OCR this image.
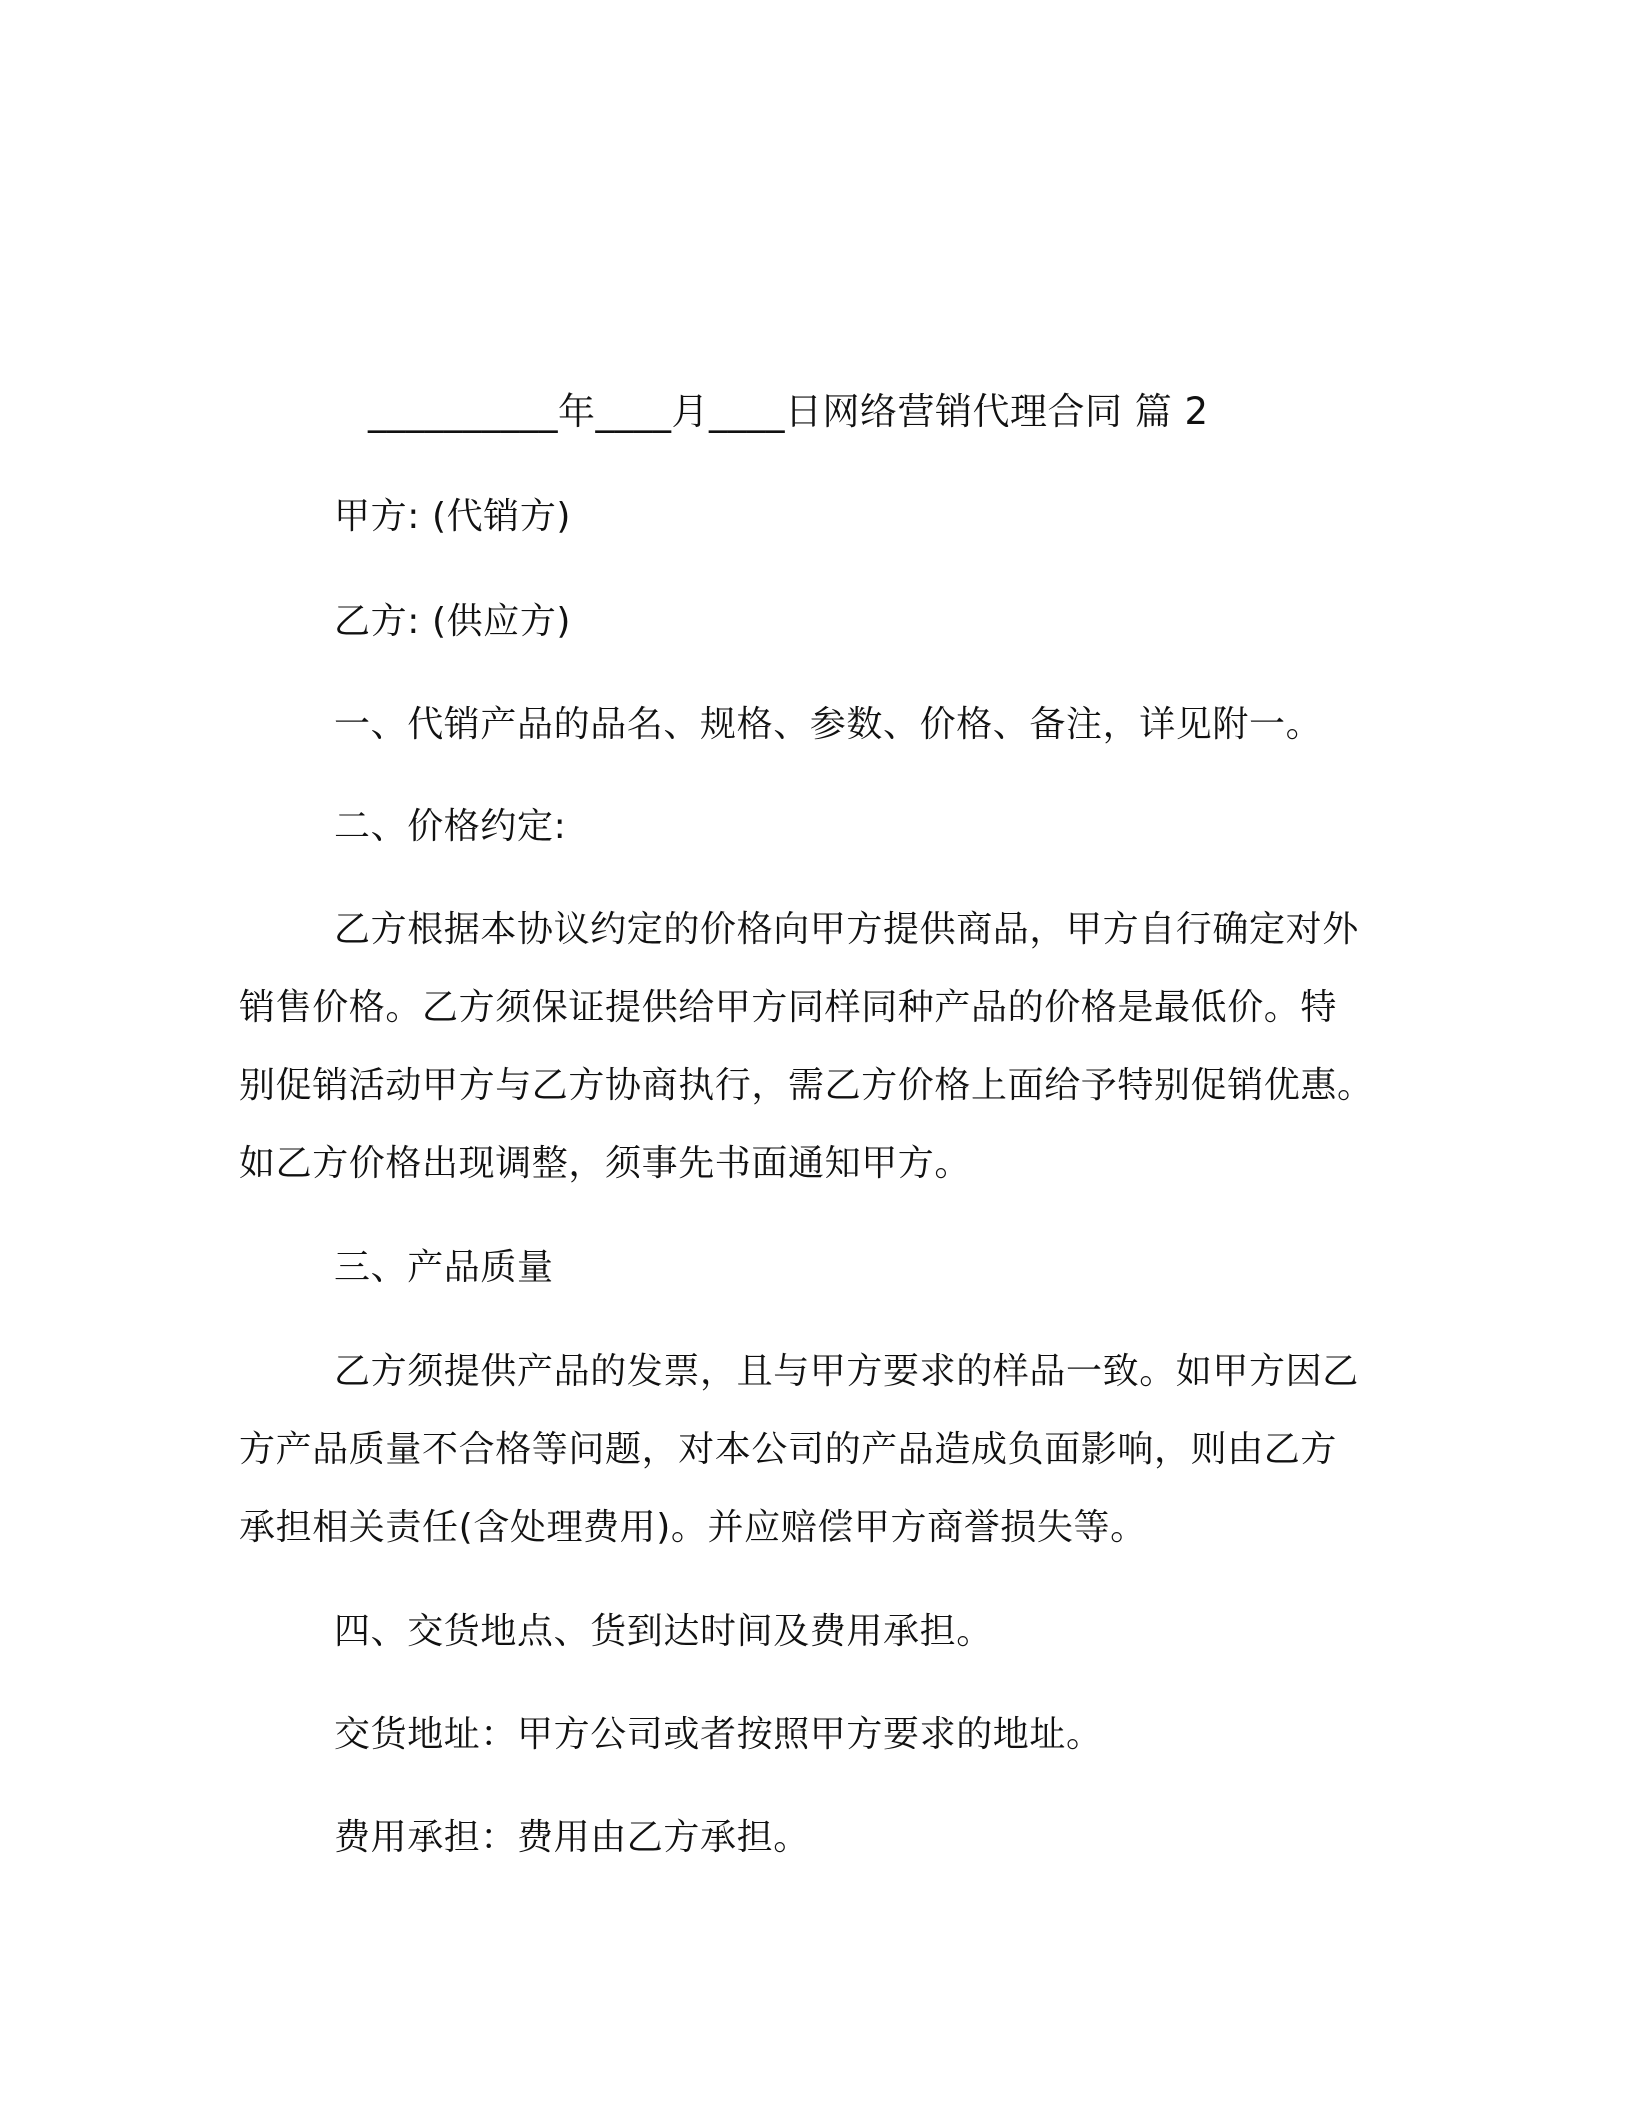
__________年____月____日网络营销代理合同 篇 2
甲方: (代销方)
乙方: (供应方)
一、代销产品的品名、规格、参数、价格、备注，详见附一。
二、价格约定:
乙方根据本协议约定的价格向甲方提供商品，甲方自行确定对外
销售价格。乙方须保证提供给甲方同样同种产品的价格是最低价。特
别促销活动甲方与乙方协商执行，需乙方价格上面给予特别促销优惠。
如乙方价格出现调整，须事先书面通知甲方。
三、产品质量
乙方须提供产品的发票，且与甲方要求的样品一致。如甲方因乙
方产品质量不合格等问题，对本公司的产品造成负面影响，则由乙方
承担相关责任(含处理费用)。并应赔偿甲方商誉损失等。
四、交货地点、货到达时间及费用承担。
交货地址：甲方公司或者按照甲方要求的地址。
费用承担：费用由乙方承担。
